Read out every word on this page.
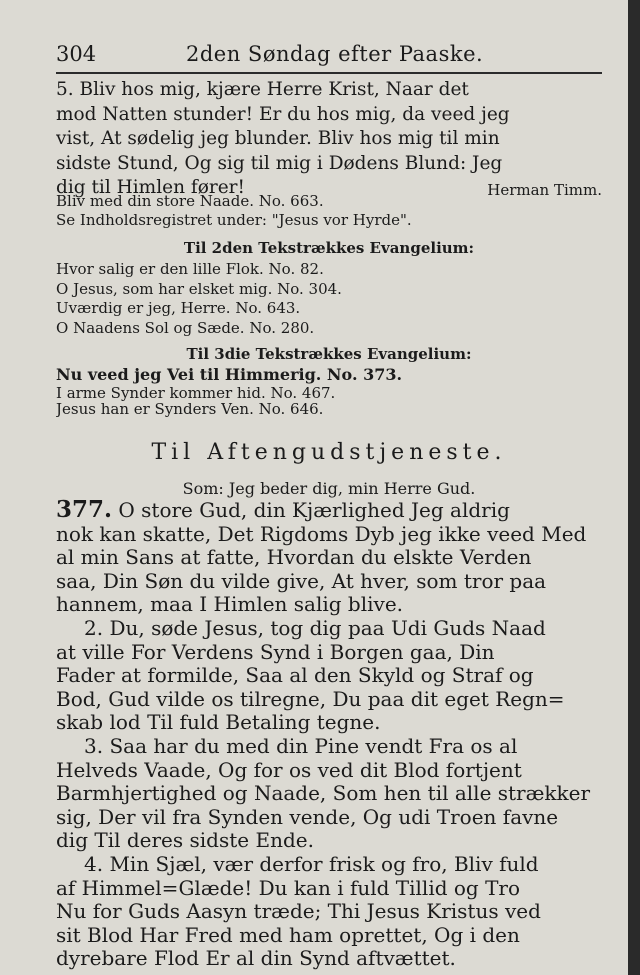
304	2den Søndag efter Paaske.
5. Bliv hos mig, kjære Herre Krist, Naar det
mod Natten stunder! Er du hos mig, da veed jeg
vist, At sødelig jeg blunder. Bliv hos mig til min
sidste Stund, Og sig til mig i Dødens Blund: Jeg
dig til Himlen fører!	Herman Timm.
Bliv med din store Naade. No. 663.
Se Indholdsregistret under: "Jesus vor Hyrde".
Til 2den Tekstrækkes Evangelium:
Hvor salig er den lille Flok. No. 82.
O Jesus, som har elsket mig. No. 304.
Uværdig er jeg, Herre. No. 643.
O Naadens Sol og Sæde. No. 280.
Til 3die Tekstrækkes Evangelium:
Nu veed jeg Vei til Himmerig. No. 373.
I arme Synder kommer hid. No. 467.
Jesus han er Synders Ven. No. 646.
Til Aftengudstjeneste.
Som: Jeg beder dig, min Herre Gud.
377. O store Gud, din Kjærlighed Jeg aldrig
nok kan skatte, Det Rigdoms Dyb jeg ikke veed Med
al min Sans at fatte, Hvordan du elskte Verden
saa, Din Søn du vilde give, At hver, som tror paa
hannem, maa I Himlen salig blive.
2. Du, søde Jesus, tog dig paa Udi Guds Naad
at ville For Verdens Synd i Borgen gaa, Din
Fader at formilde, Saa al den Skyld og Straf og
Bod, Gud vilde os tilregne, Du paa dit eget Regn=
skab lod Til fuld Betaling tegne.
3. Saa har du med din Pine vendt Fra os al
Helveds Vaade, Og for os ved dit Blod fortjent
Barmhjertighed og Naade, Som hen til alle strækker
sig, Der vil fra Synden vende, Og udi Troen favne
dig Til deres sidste Ende.
4. Min Sjæl, vær derfor frisk og fro, Bliv fuld
af Himmel=Glæde! Du kan i fuld Tillid og Tro
Nu for Guds Aasyn træde; Thi Jesus Kristus ved
sit Blod Har Fred med ham oprettet, Og i den
dyrebare Flod Er al din Synd aftvættet.
